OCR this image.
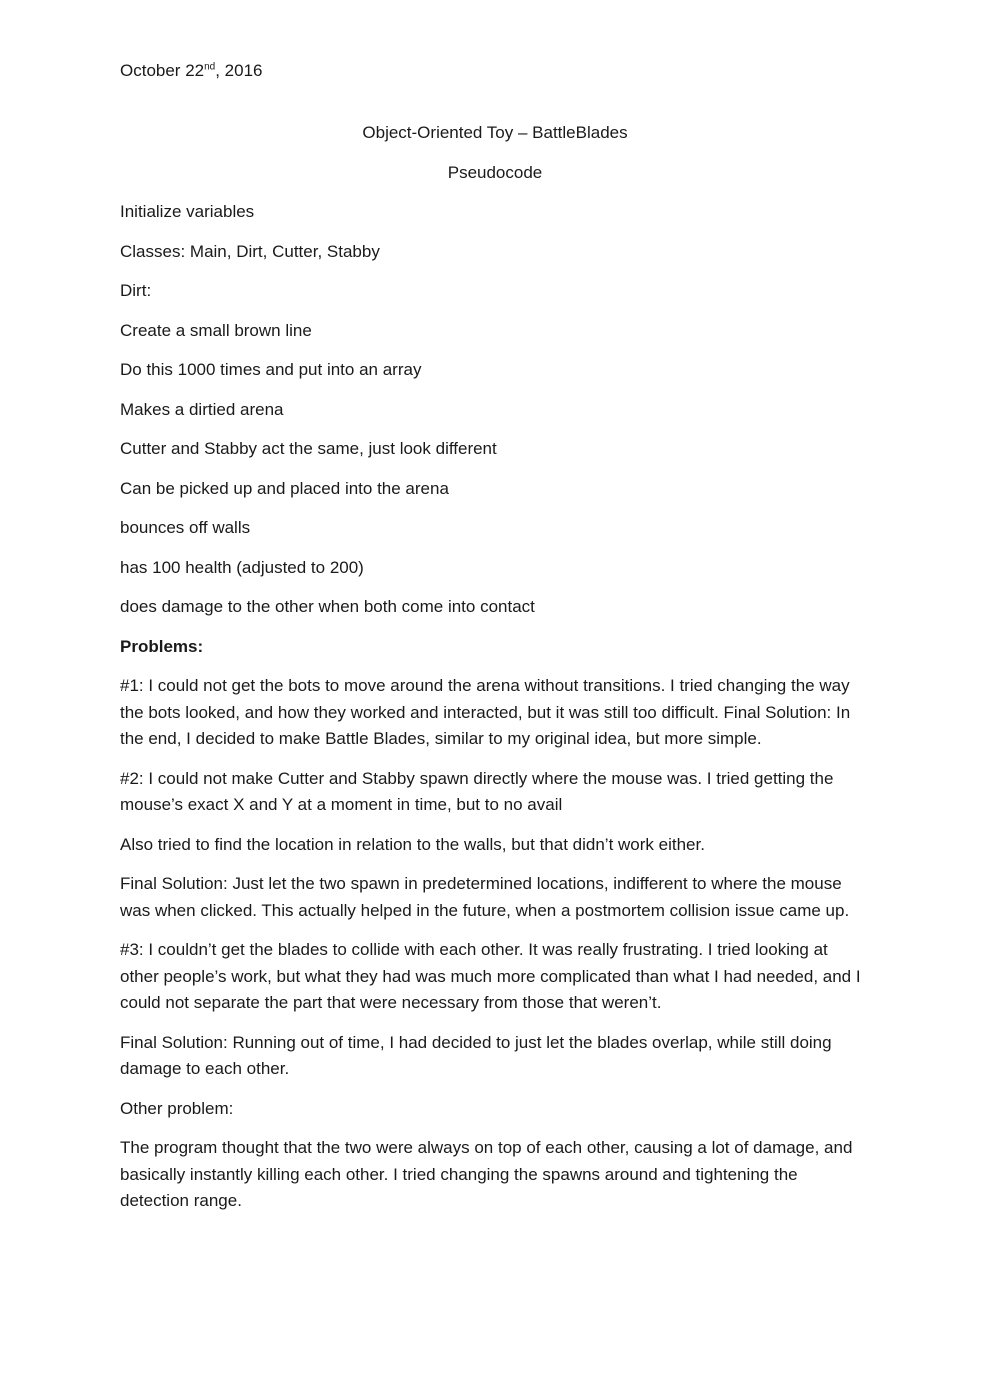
October 22nd, 2016

Object-Oriented Toy – BattleBlades

Pseudocode

Initialize variables

Classes: Main, Dirt, Cutter, Stabby

Dirt:

Create a small brown line

Do this 1000 times and put into an array

Makes a dirtied arena

Cutter and Stabby act the same, just look different

Can be picked up and placed into the arena

bounces off walls

has 100 health (adjusted to 200)

does damage to the other when both come into contact

Problems:

#1: I could not get the bots to move around the arena without transitions. I tried changing the way the bots looked, and how they worked and interacted, but it was still too difficult. Final Solution: In the end, I decided to make Battle Blades, similar to my original idea, but more simple.

#2: I could not make Cutter and Stabby spawn directly where the mouse was. I tried getting the mouse’s exact X and Y at a moment in time, but to no avail

Also tried to find the location in relation to the walls, but that didn’t work either.

Final Solution: Just let the two spawn in predetermined locations, indifferent to where the mouse was when clicked. This actually helped in the future, when a postmortem collision issue came up.

#3: I couldn’t get the blades to collide with each other. It was really frustrating. I tried looking at other people’s work, but what they had was much more complicated than what I had needed, and I could not separate the part that were necessary from those that weren’t.

Final Solution: Running out of time, I had decided to just let the blades overlap, while still doing damage to each other.

Other problem:

The program thought that the two were always on top of each other, causing a lot of damage, and basically instantly killing each other. I tried changing the spawns around and tightening the detection range.
